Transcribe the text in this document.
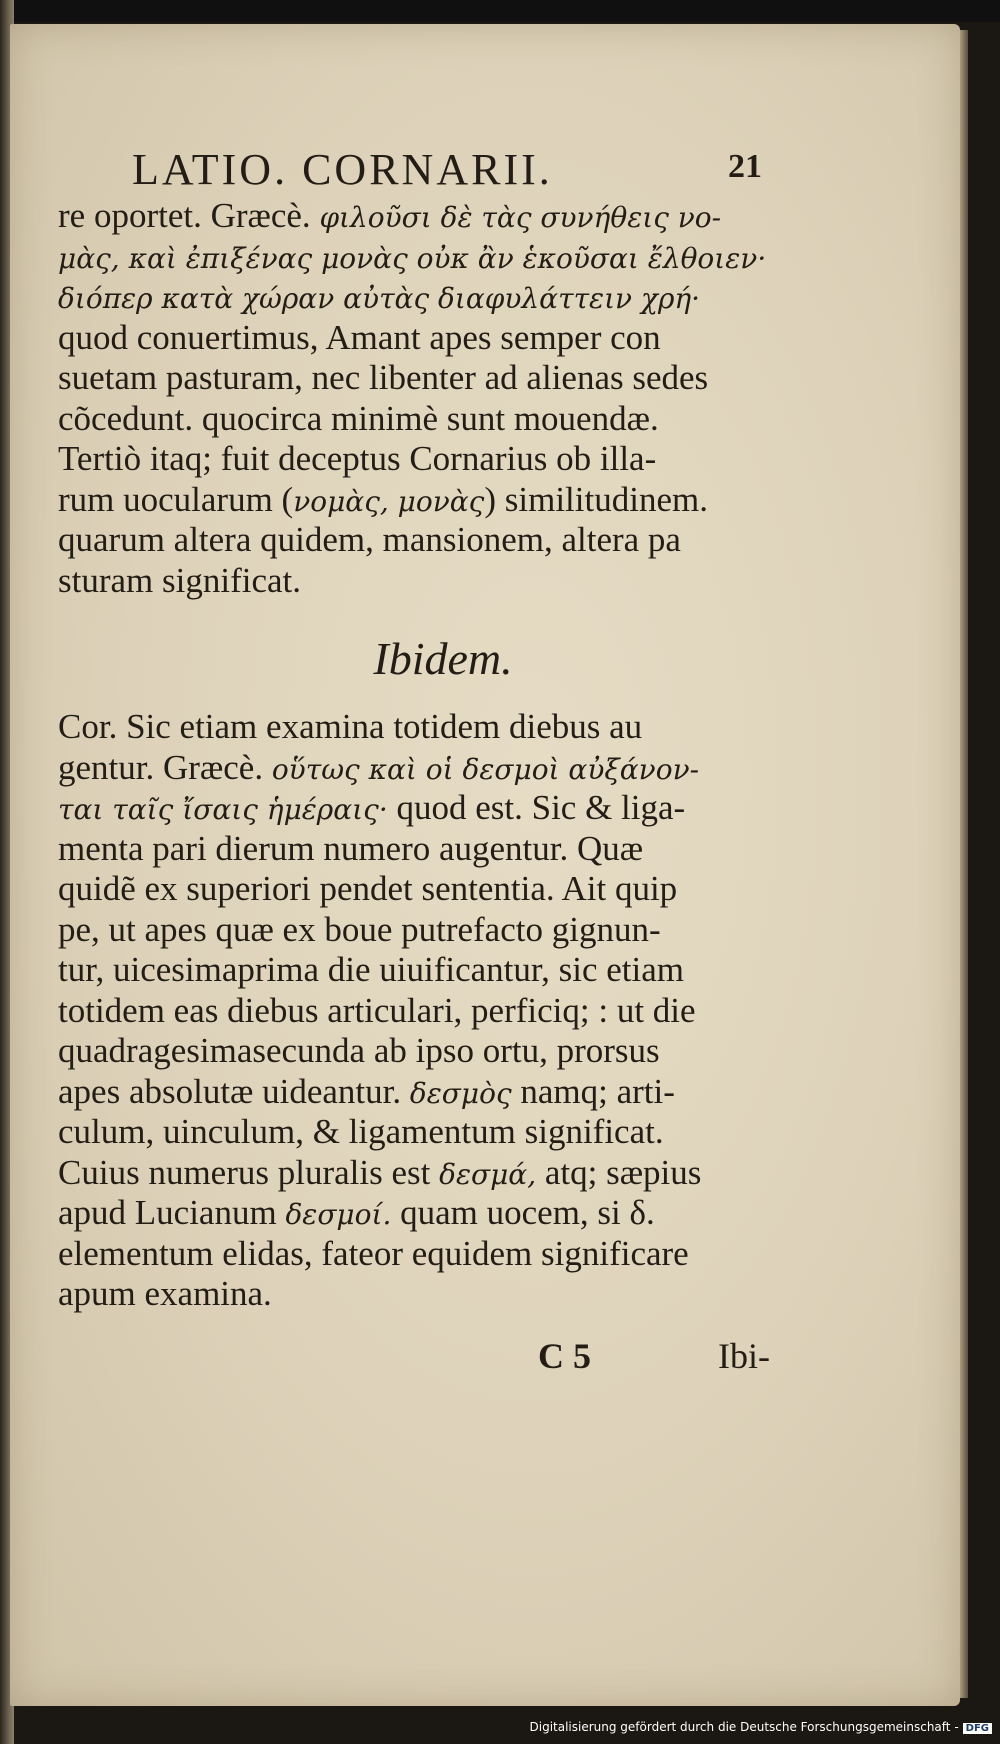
LATIO. CORNARII.	21
re oportet. Græcè. φιλοῦσι δὲ τὰς συνήθεις νο-
μὰς, καὶ ἐπιξένας μονὰς οὐκ ἂν ἑκοῦσαι ἔλθοιεν·
διόπερ κατὰ χώραν αὐτὰς διαφυλάττειν χρή·
quod conuertimus, Amant apes semper con
suetam pasturam, nec libenter ad alienas sedes
cõcedunt. quocirca minimè sunt mouendæ.
Tertiò itaq; fuit deceptus Cornarius ob illa-
rum uocularum (νομὰς, μονὰς) similitudinem.
quarum altera quidem, mansionem, altera pa
sturam significat.
Ibidem.
Cor. Sic etiam examina totidem diebus au
gentur. Græcè. οὕτως καὶ οἱ δεσμοὶ αὐξάνον-
ται ταῖς ἴσαις ἡμέραις· quod est. Sic & liga-
menta pari dierum numero augentur. Quæ
quidẽ ex superiori pendet sententia. Ait quip
pe, ut apes quæ ex boue putrefacto gignun-
tur, uicesimaprima die uiuificantur, sic etiam
totidem eas diebus articulari, perficiq; : ut die
quadragesimasecunda ab ipso ortu, prorsus
apes absolutæ uideantur. δεσμὸς namq; arti-
culum, uinculum, & ligamentum significat.
Cuius numerus pluralis est δεσμά, atq; sæpius
apud Lucianum δεσμοί. quam uocem, si δ.
elementum elidas, fateor equidem significare
apum examina.
C 5	Ibi-
Digitalisierung gefördert durch die Deutsche Forschungsgemeinschaft - DFG
